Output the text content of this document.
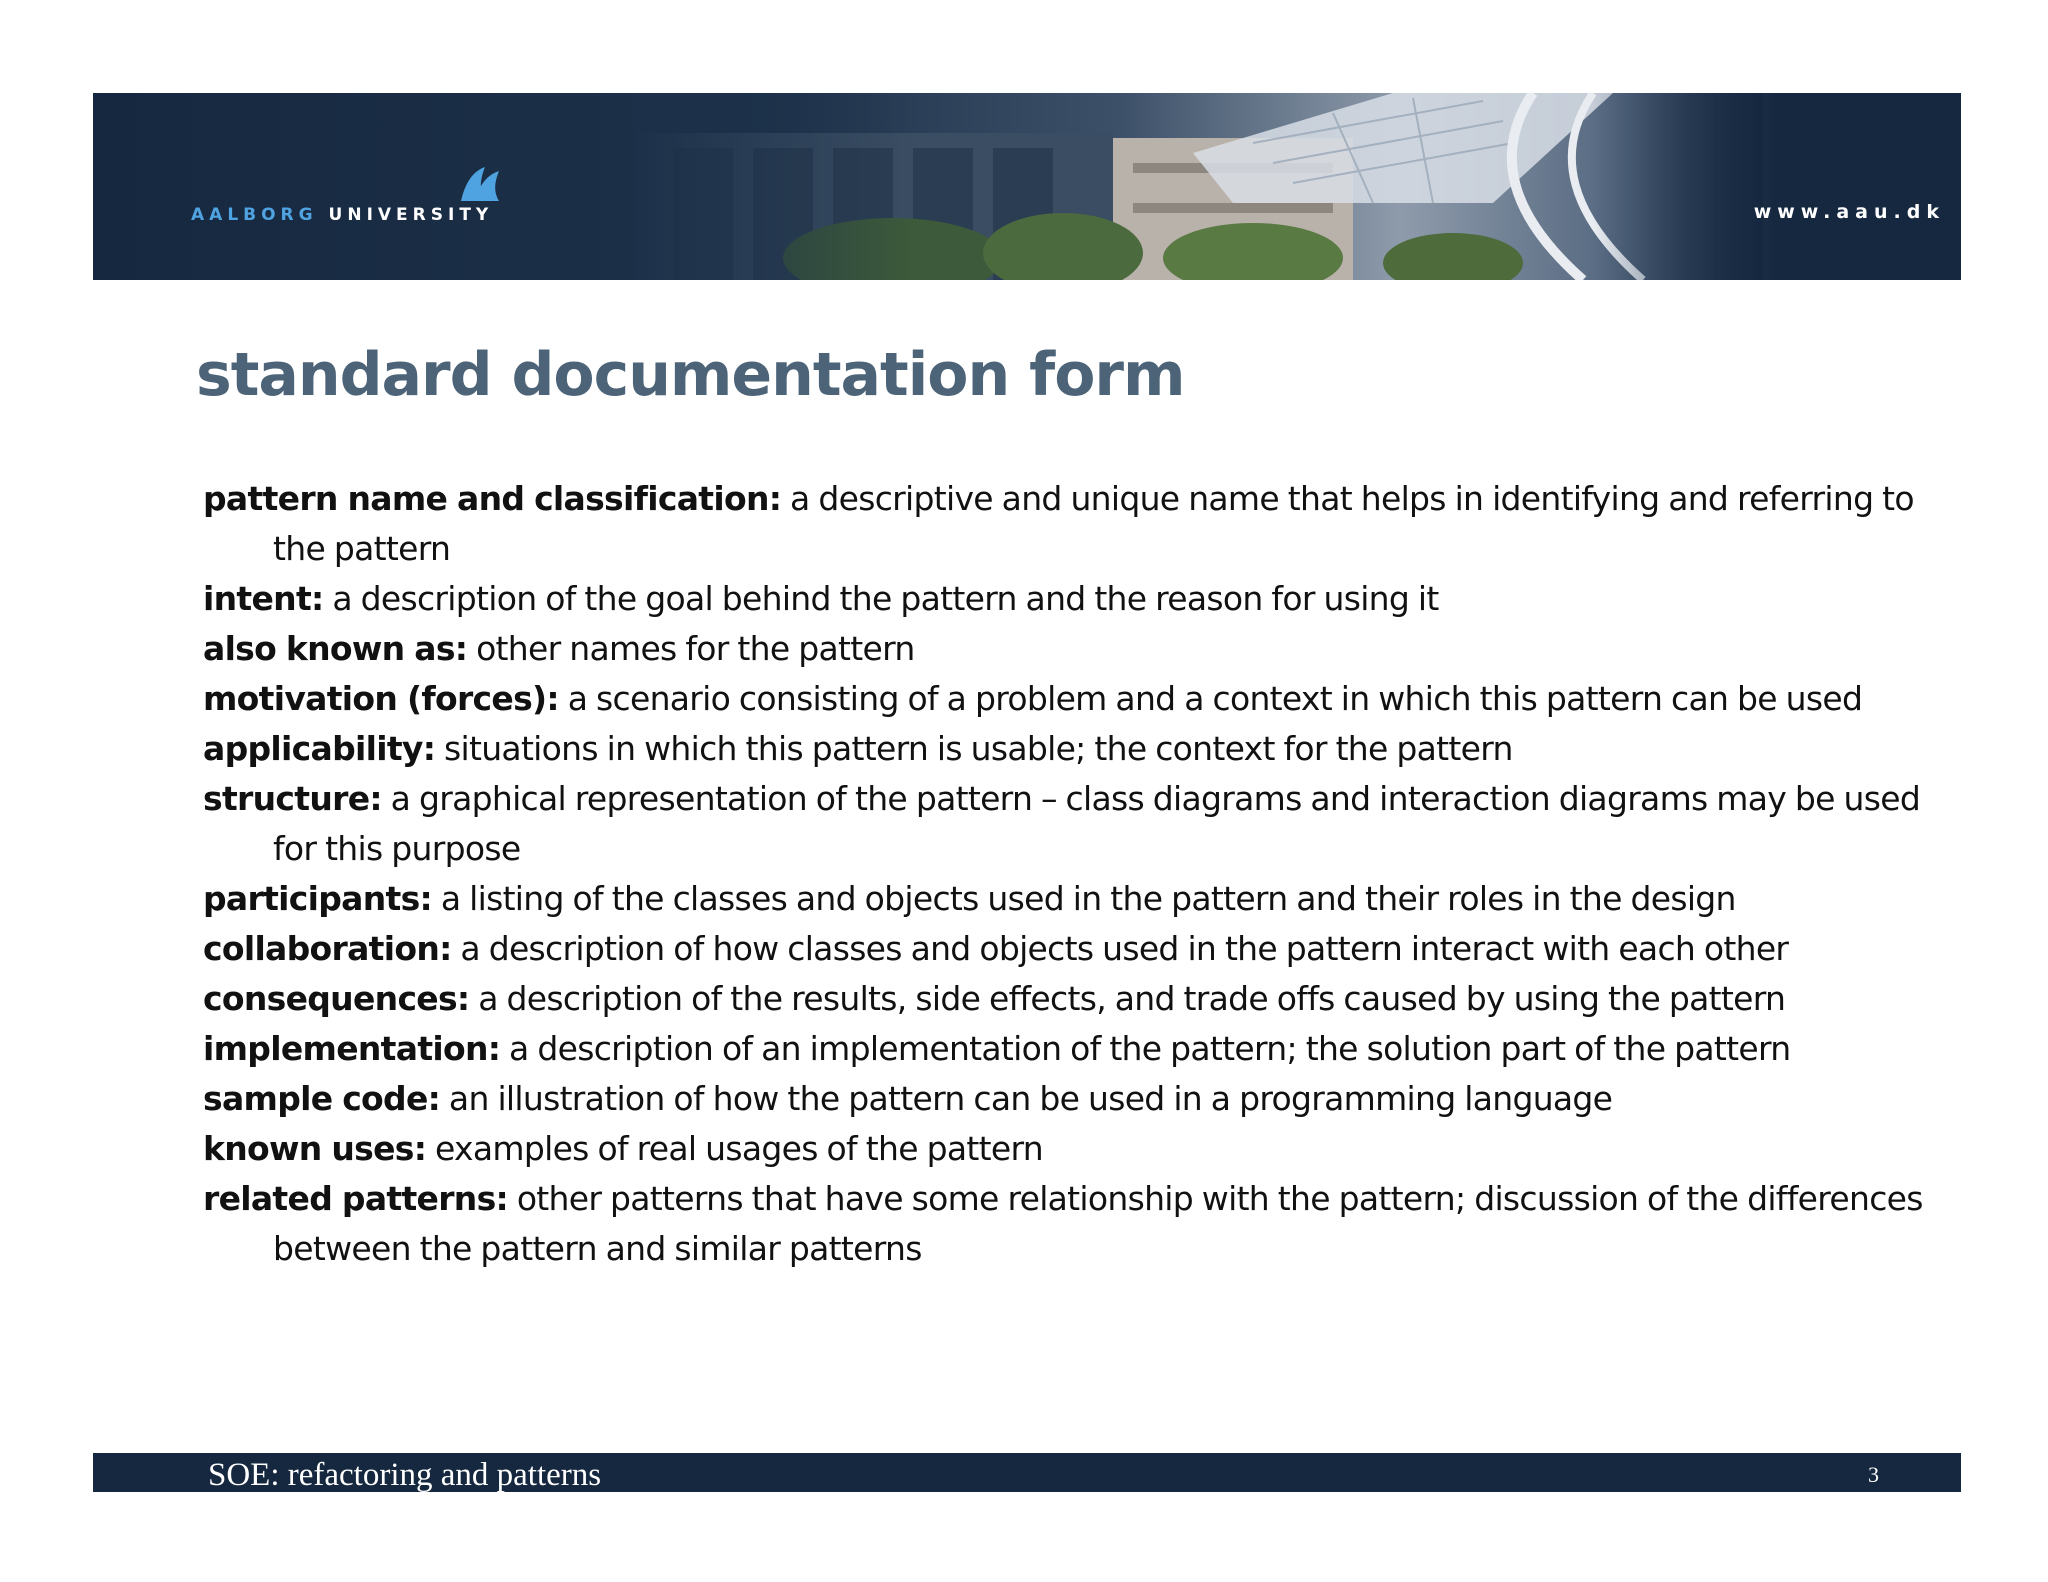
AALBORG UNIVERSITY	www.aau.dk
standard documentation form
pattern name and classification: a descriptive and unique name that helps in identifying and referring to the pattern
intent: a description of the goal behind the pattern and the reason for using it
also known as: other names for the pattern
motivation (forces): a scenario consisting of a problem and a context in which this pattern can be used
applicability: situations in which this pattern is usable; the context for the pattern
structure: a graphical representation of the pattern – class diagrams and interaction diagrams may be used for this purpose
participants: a listing of the classes and objects used in the pattern and their roles in the design
collaboration: a description of how classes and objects used in the pattern interact with each other
consequences: a description of the results, side effects, and trade offs caused by using the pattern
implementation: a description of an implementation of the pattern; the solution part of the pattern
sample code: an illustration of how the pattern can be used in a programming language
known uses: examples of real usages of the pattern
related patterns: other patterns that have some relationship with the pattern; discussion of the differences between the pattern and similar patterns
SOE: refactoring and patterns	3
